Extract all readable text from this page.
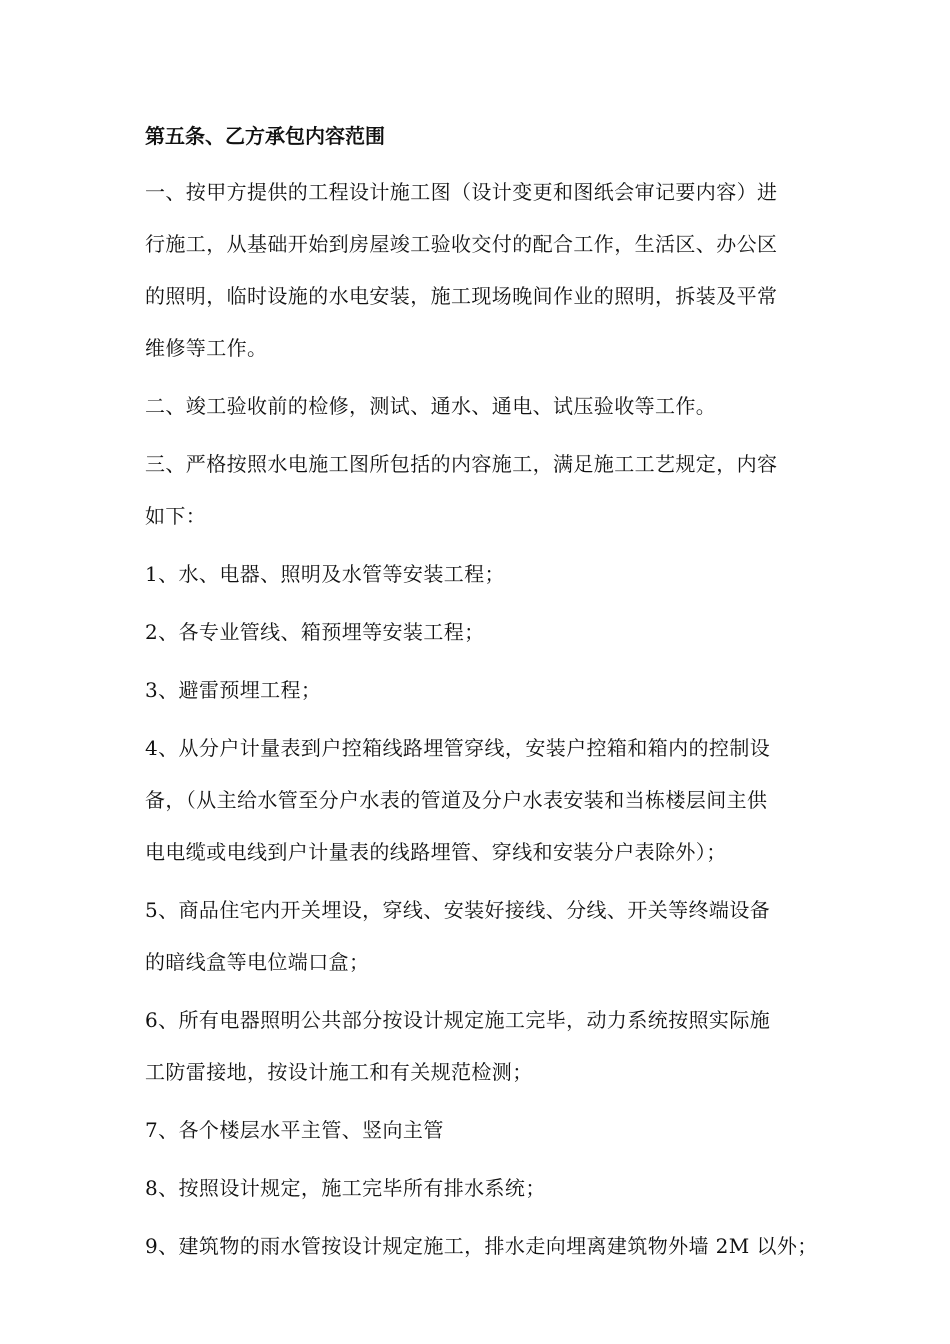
第五条、乙方承包内容范围
一、按甲方提供的工程设计施工图（设计变更和图纸会审记要内容）进
行施工，从基础开始到房屋竣工验收交付的配合工作，生活区、办公区
的照明，临时设施的水电安装，施工现场晚间作业的照明，拆装及平常
维修等工作。
二、竣工验收前的检修，测试、通水、通电、试压验收等工作。
三、严格按照水电施工图所包括的内容施工，满足施工工艺规定，内容
如下：
1、水、电器、照明及水管等安装工程；
2、各专业管线、箱预埋等安装工程；
3、避雷预埋工程；
4、从分户计量表到户控箱线路埋管穿线，安装户控箱和箱内的控制设
备，（从主给水管至分户水表的管道及分户水表安装和当栋楼层间主供
电电缆或电线到户计量表的线路埋管、穿线和安装分户表除外）；
5、商品住宅内开关埋设，穿线、安装好接线、分线、开关等终端设备
的暗线盒等电位端口盒；
6、所有电器照明公共部分按设计规定施工完毕，动力系统按照实际施
工防雷接地，按设计施工和有关规范检测；
7、各个楼层水平主管、竖向主管
8、按照设计规定，施工完毕所有排水系统；
9、建筑物的雨水管按设计规定施工，排水走向埋离建筑物外墙 2M 以外；
